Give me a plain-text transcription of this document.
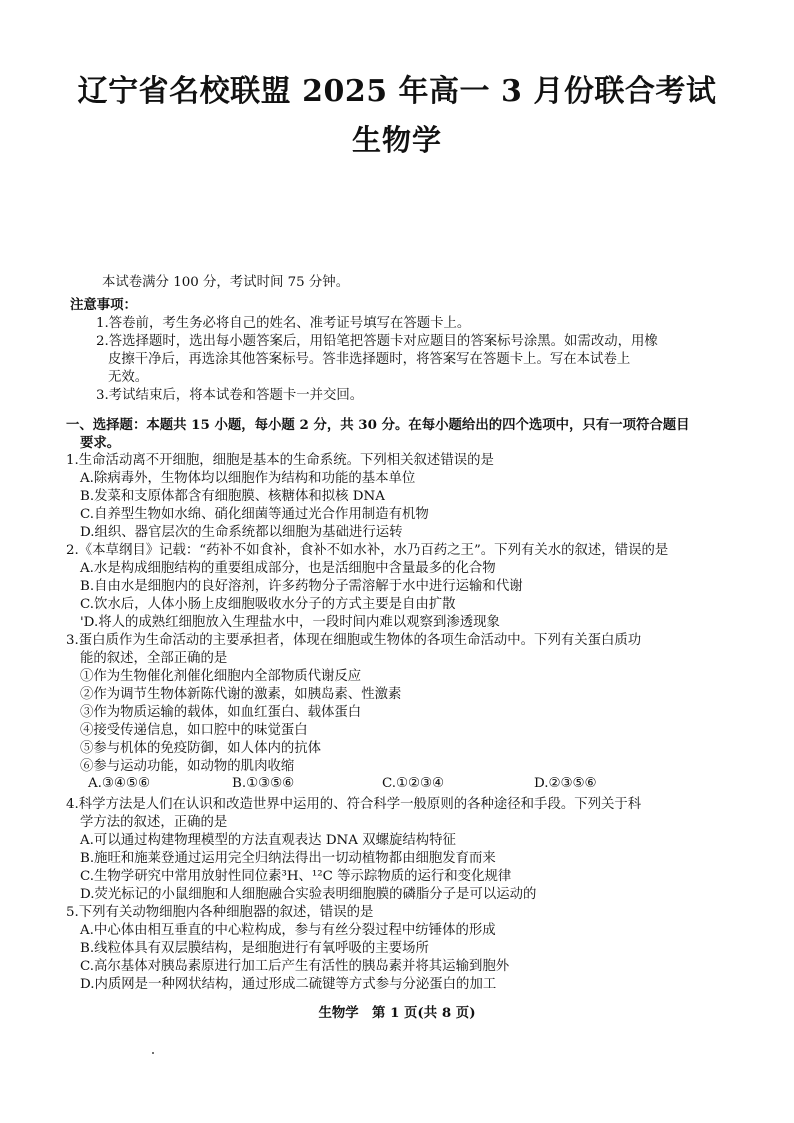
辽宁省名校联盟 2025 年高一 3 月份联合考试
生物学
本试卷满分 100 分，考试时间 75 分钟。
注意事项：
1.答卷前，考生务必将自己的姓名、准考证号填写在答题卡上。
2.答选择题时，选出每小题答案后，用铅笔把答题卡对应题目的答案标号涂黑。如需改动，用橡
皮擦干净后，再选涂其他答案标号。答非选择题时，将答案写在答题卡上。写在本试卷上
无效。
3.考试结束后，将本试卷和答题卡一并交回。
一、选择题：本题共 15 小题，每小题 2 分，共 30 分。在每小题给出的四个选项中，只有一项符合题目
要求。
1.生命活动离不开细胞，细胞是基本的生命系统。下列相关叙述错误的是
A.除病毒外，生物体均以细胞作为结构和功能的基本单位
B.发菜和支原体都含有细胞膜、核糖体和拟核 DNA
C.自养型生物如水绵、硝化细菌等通过光合作用制造有机物
D.组织、器官层次的生命系统都以细胞为基础进行运转
2.《本草纲目》记载：“药补不如食补，食补不如水补，水乃百药之王”。下列有关水的叙述，错误的是
A.水是构成细胞结构的重要组成部分，也是活细胞中含量最多的化合物
B.自由水是细胞内的良好溶剂，许多药物分子需溶解于水中进行运输和代谢
C.饮水后，人体小肠上皮细胞吸收水分子的方式主要是自由扩散
'D.将人的成熟红细胞放入生理盐水中，一段时间内难以观察到渗透现象
3.蛋白质作为生命活动的主要承担者，体现在细胞或生物体的各项生命活动中。下列有关蛋白质功
能的叙述，全部正确的是
①作为生物催化剂催化细胞内全部物质代谢反应
②作为调节生物体新陈代谢的激素，如胰岛素、性激素
③作为物质运输的载体，如血红蛋白、载体蛋白
④接受传递信息，如口腔中的味觉蛋白
⑤参与机体的免疫防御，如人体内的抗体
⑥参与运动功能，如动物的肌肉收缩
A.③④⑤⑥	B.①③⑤⑥	C.①②③④	D.②③⑤⑥
4.科学方法是人们在认识和改造世界中运用的、符合科学一般原则的各种途径和手段。下列关于科
学方法的叙述，正确的是
A.可以通过构建物理模型的方法直观表达 DNA 双螺旋结构特征
B.施旺和施莱登通过运用完全归纳法得出一切动植物都由细胞发育而来
C.生物学研究中常用放射性同位素³H、¹²C 等示踪物质的运行和变化规律
D.荧光标记的小鼠细胞和人细胞融合实验表明细胞膜的磷脂分子是可以运动的
5.下列有关动物细胞内各种细胞器的叙述，错误的是
A.中心体由相互垂直的中心粒构成，参与有丝分裂过程中纺锤体的形成
B.线粒体具有双层膜结构，是细胞进行有氧呼吸的主要场所
C.高尔基体对胰岛素原进行加工后产生有活性的胰岛素并将其运输到胞外
D.内质网是一种网状结构，通过形成二硫键等方式参与分泌蛋白的加工
生物学　第 1 页(共 8 页)
